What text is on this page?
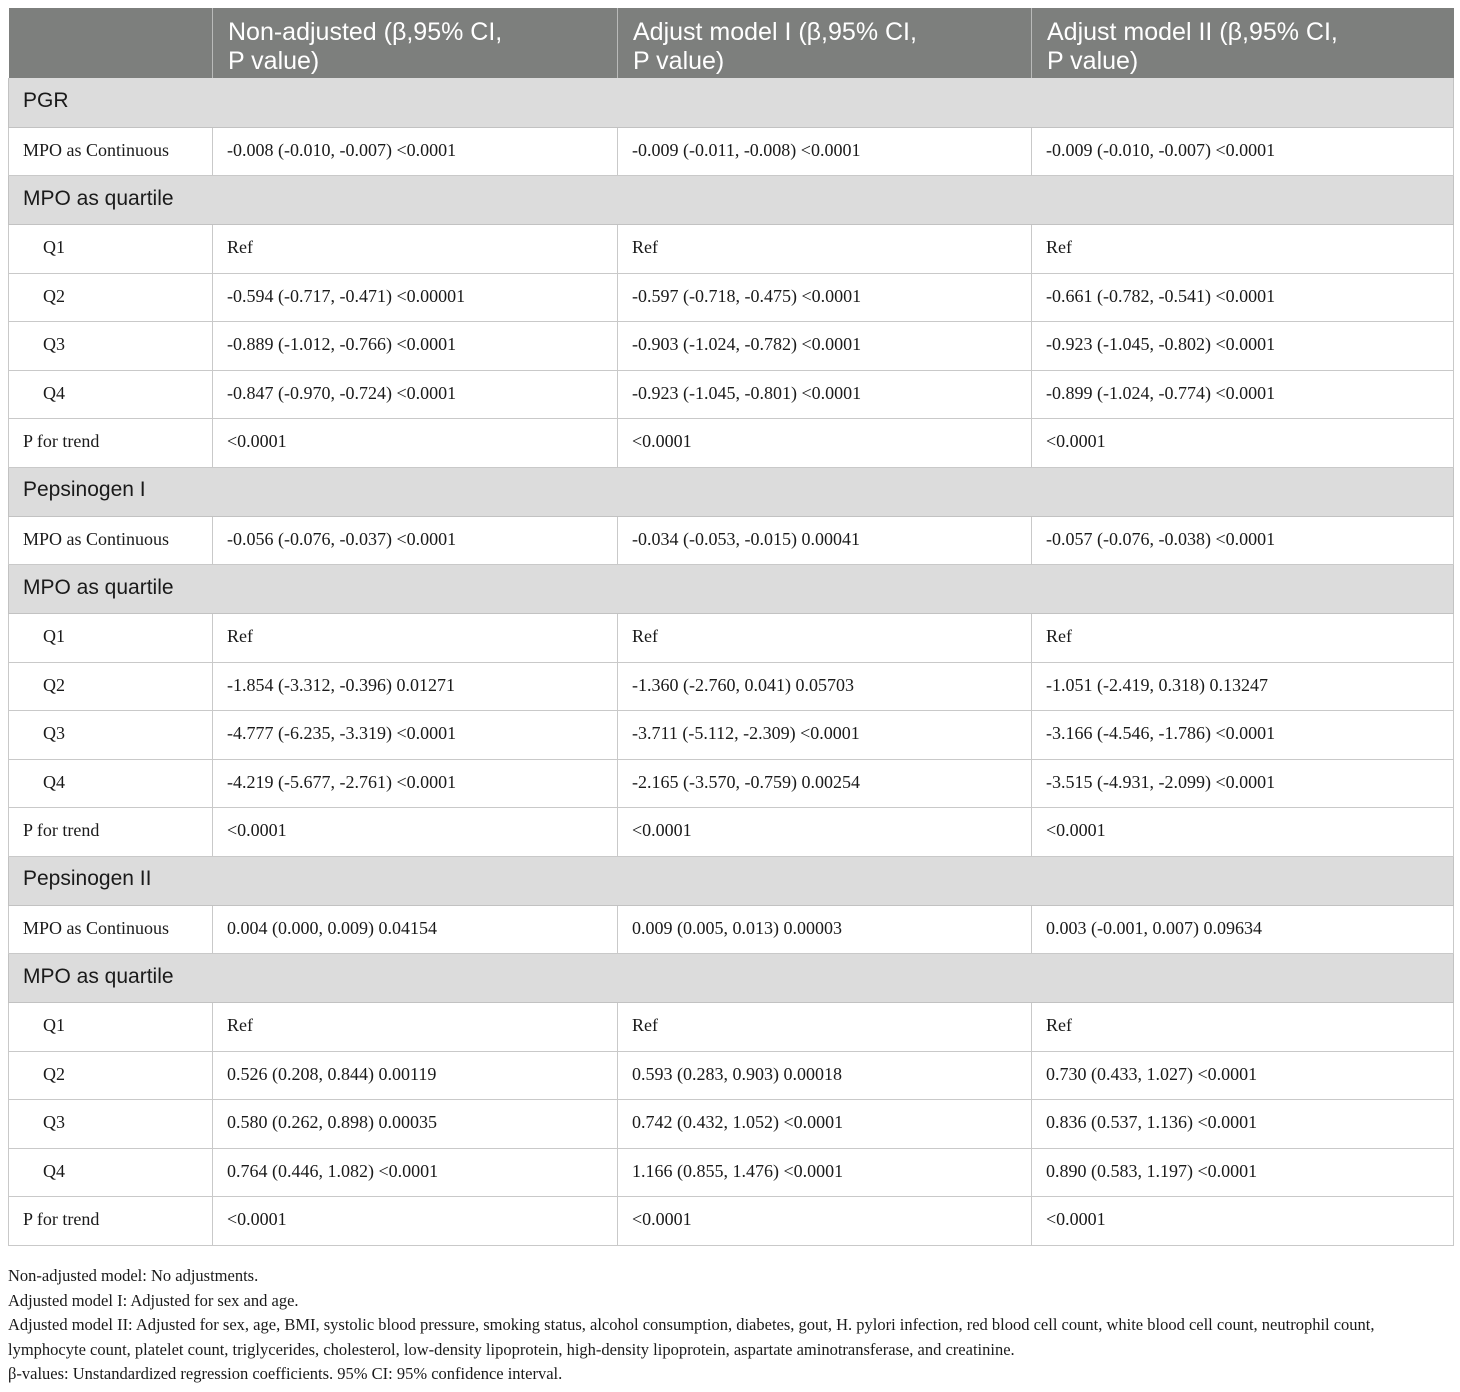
	Non-adjusted (β,95% CI,
P value)	Adjust model I (β,95% CI,
P value)	Adjust model II (β,95% CI,
P value)

PGR			
MPO as Continuous	-0.008 (-0.010, -0.007) <0.0001	-0.009 (-0.011, -0.008) <0.0001	-0.009 (-0.010, -0.007) <0.0001
MPO as quartile			
Q1	Ref	Ref	Ref
Q2	-0.594 (-0.717, -0.471) <0.00001	-0.597 (-0.718, -0.475) <0.0001	-0.661 (-0.782, -0.541) <0.0001
Q3	-0.889 (-1.012, -0.766) <0.0001	-0.903 (-1.024, -0.782) <0.0001	-0.923 (-1.045, -0.802) <0.0001
Q4	-0.847 (-0.970, -0.724) <0.0001	-0.923 (-1.045, -0.801) <0.0001	-0.899 (-1.024, -0.774) <0.0001
P for trend	<0.0001	<0.0001	<0.0001
Pepsinogen I			
MPO as Continuous	-0.056 (-0.076, -0.037) <0.0001	-0.034 (-0.053, -0.015) 0.00041	-0.057 (-0.076, -0.038) <0.0001
MPO as quartile			
Q1	Ref	Ref	Ref
Q2	-1.854 (-3.312, -0.396) 0.01271	-1.360 (-2.760, 0.041) 0.05703	-1.051 (-2.419, 0.318) 0.13247
Q3	-4.777 (-6.235, -3.319) <0.0001	-3.711 (-5.112, -2.309) <0.0001	-3.166 (-4.546, -1.786) <0.0001
Q4	-4.219 (-5.677, -2.761) <0.0001	-2.165 (-3.570, -0.759) 0.00254	-3.515 (-4.931, -2.099) <0.0001
P for trend	<0.0001	<0.0001	<0.0001
Pepsinogen II			
MPO as Continuous	0.004 (0.000, 0.009) 0.04154	0.009 (0.005, 0.013) 0.00003	0.003 (-0.001, 0.007) 0.09634
MPO as quartile			
Q1	Ref	Ref	Ref
Q2	0.526 (0.208, 0.844) 0.00119	0.593 (0.283, 0.903) 0.00018	0.730 (0.433, 1.027) <0.0001
Q3	0.580 (0.262, 0.898) 0.00035	0.742 (0.432, 1.052) <0.0001	0.836 (0.537, 1.136) <0.0001
Q4	0.764 (0.446, 1.082) <0.0001	1.166 (0.855, 1.476) <0.0001	0.890 (0.583, 1.197) <0.0001
P for trend	<0.0001	<0.0001	<0.0001

Non-adjusted model: No adjustments.

Adjusted model I: Adjusted for sex and age.

Adjusted model II: Adjusted for sex, age, BMI, systolic blood pressure, smoking status, alcohol consumption, diabetes, gout, H. pylori infection, red blood cell count, white blood cell count, neutrophil count, lymphocyte count, platelet count, triglycerides, cholesterol, low-density lipoprotein, high-density lipoprotein, aspartate aminotransferase, and creatinine.

β-values: Unstandardized regression coefficients. 95% CI: 95% confidence interval.
